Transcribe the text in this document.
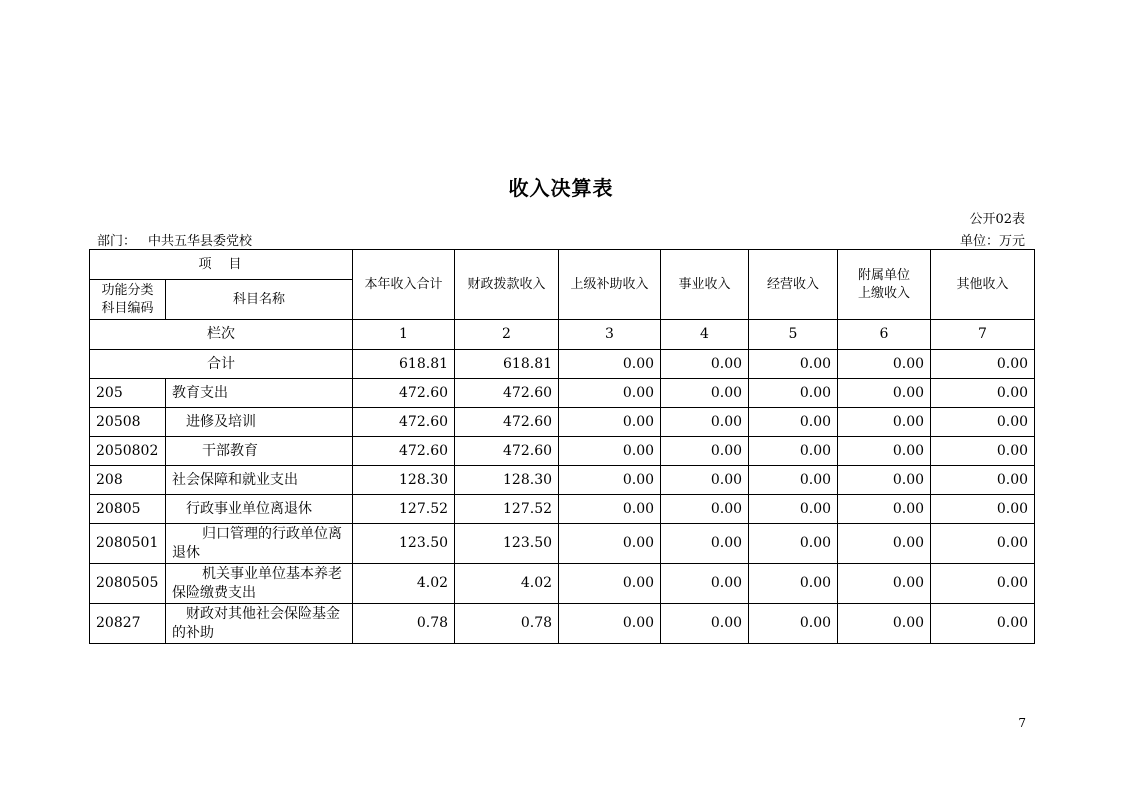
收入决算表
公开02表
部门： 中共五华县委党校	单位：万元
项　目		本年收入合计	财政拨款收入	上级补助收入	事业收入	经营收入	附属单位上缴收入	其他收入
功能分类科目编码	科目名称							
栏次		1	2	3	4	5	6	7
合计		618.81	618.81	0.00	0.00	0.00	0.00	0.00
205	教育支出	472.60	472.60	0.00	0.00	0.00	0.00	0.00
20508	进修及培训	472.60	472.60	0.00	0.00	0.00	0.00	0.00
2050802	干部教育	472.60	472.60	0.00	0.00	0.00	0.00	0.00
208	社会保障和就业支出	128.30	128.30	0.00	0.00	0.00	0.00	0.00
20805	行政事业单位离退休	127.52	127.52	0.00	0.00	0.00	0.00	0.00
2080501	归口管理的行政单位离退休	123.50	123.50	0.00	0.00	0.00	0.00	0.00
2080505	机关事业单位基本养老保险缴费支出	4.02	4.02	0.00	0.00	0.00	0.00	0.00
20827	财政对其他社会保险基金的补助	0.78	0.78	0.00	0.00	0.00	0.00	0.00
7
